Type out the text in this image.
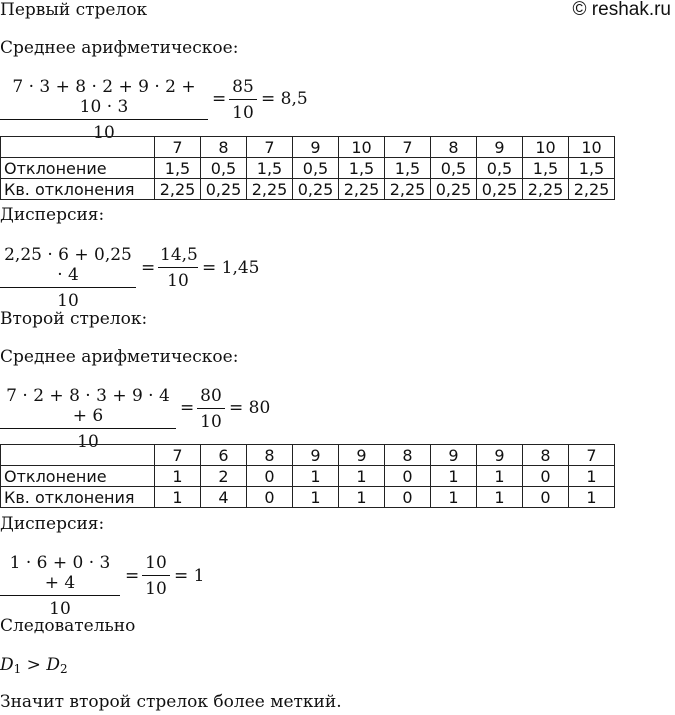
Первый стрелок	© reshak.ru
Среднее арифметическое:
7 · 3 + 8 · 2 + 9 · 2 + 10 · 3
10
=
85
10
= 8,5
	7	8	7	9	10	7	8	9	10	10
Отклонение	1,5	0,5	1,5	0,5	1,5	1,5	0,5	0,5	1,5	1,5
Кв. отклонения	2,25	0,25	2,25	0,25	2,25	2,25	0,25	0,25	2,25	2,25
Дисперсия:
2,25 · 6 + 0,25 · 4
10
=
14,5
10
= 1,45
Второй стрелок:
Среднее арифметическое:
7 · 2 + 8 · 3 + 9 · 4 + 6
10
=
80
10
= 80
	7	6	8	9	9	8	9	9	8	7
Отклонение	1	2	0	1	1	0	1	1	0	1
Кв. отклонения	1	4	0	1	1	0	1	1	0	1
Дисперсия:
1 · 6 + 0 · 3 + 4
10
=
10
10
= 1
Следовательно
$D_1 > D_2$
Значит второй стрелок более меткий.
